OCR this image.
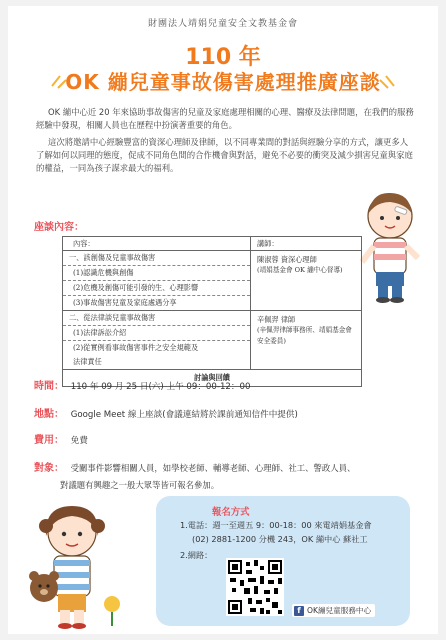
財團法人靖娟兒童安全文教基金會
110 年
OK 繃兒童事故傷害處理推廣座談

OK 繃中心近 20 年來協助事故傷害的兒童及家庭處理相關的心理、醫療及法律問題，在我們的服務經驗中發現，相關人員也在歷程中扮演著重要的角色。

這次將邀請中心經驗豐富的資深心理師及律師，以不同專業間的對話與經驗分享的方式，讓更多人了解如何以同理的態度，促成不同角色間的合作機會與對話，避免不必要的衝突及減少損害兒童與家庭的權益，一同為孩子謀求最大的福利。

座談內容：
內容：	講師：
一、該創傷及兒童事故傷害
(1)認識危機與創傷
(2)危機及創傷可能引發的生、心理影響
(3)事故傷害兒童及家庭處遇分享
陳淑蓉 資深心理師
(靖娟基金會 OK 繃中心督導)
二、從法律談兒童事故傷害
(1)法律訴訟介紹
(2)從實例看事故傷害事件之安全規範及
法律責任
辛佩羿 律師
(辛佩羿律師事務所、靖娟基金會安全委員)
討論與回饋
時間： 110 年 09 月 25 日(六) 上午 09：00-12：00
地點： Google Meet 線上座談(會議連結將於課前通知信件中提供)
費用： 免費
對象： 受關事件影響相關人員，如學校老師、輔導老師、心理師、社工、警政人員、
對議題有興趣之一般大眾等皆可報名參加。
報名方式
1.電話：週一至週五 9：00-18：00 來電靖娟基金會
(02) 2881-1200 分機 243，OK 繃中心 蘇社工
2.網路：
f OK繃兒童服務中心
